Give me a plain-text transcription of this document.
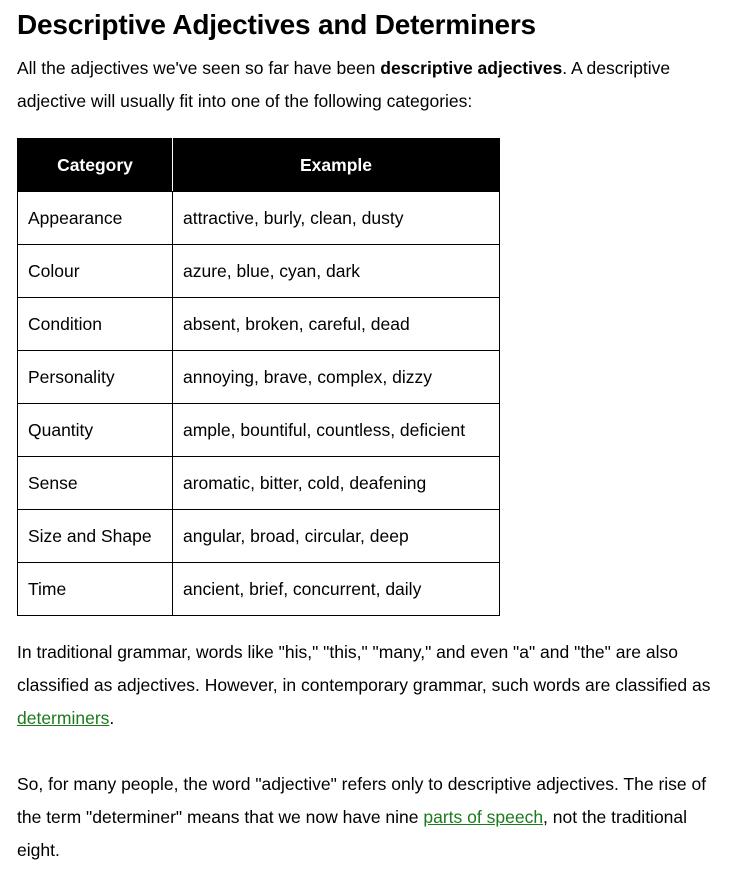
Descriptive Adjectives and Determiners

All the adjectives we've seen so far have been descriptive adjectives. A descriptive adjective will usually fit into one of the following categories:

Category	Example
Appearance	attractive, burly, clean, dusty
Colour	azure, blue, cyan, dark
Condition	absent, broken, careful, dead
Personality	annoying, brave, complex, dizzy
Quantity	ample, bountiful, countless, deficient
Sense	aromatic, bitter, cold, deafening
Size and Shape	angular, broad, circular, deep
Time	ancient, brief, concurrent, daily

In traditional grammar, words like "his," "this," "many," and even "a" and "the" are also classified as adjectives. However, in contemporary grammar, such words are classified as determiners.

So, for many people, the word "adjective" refers only to descriptive adjectives. The rise of the term "determiner" means that we now have nine parts of speech, not the traditional eight.
